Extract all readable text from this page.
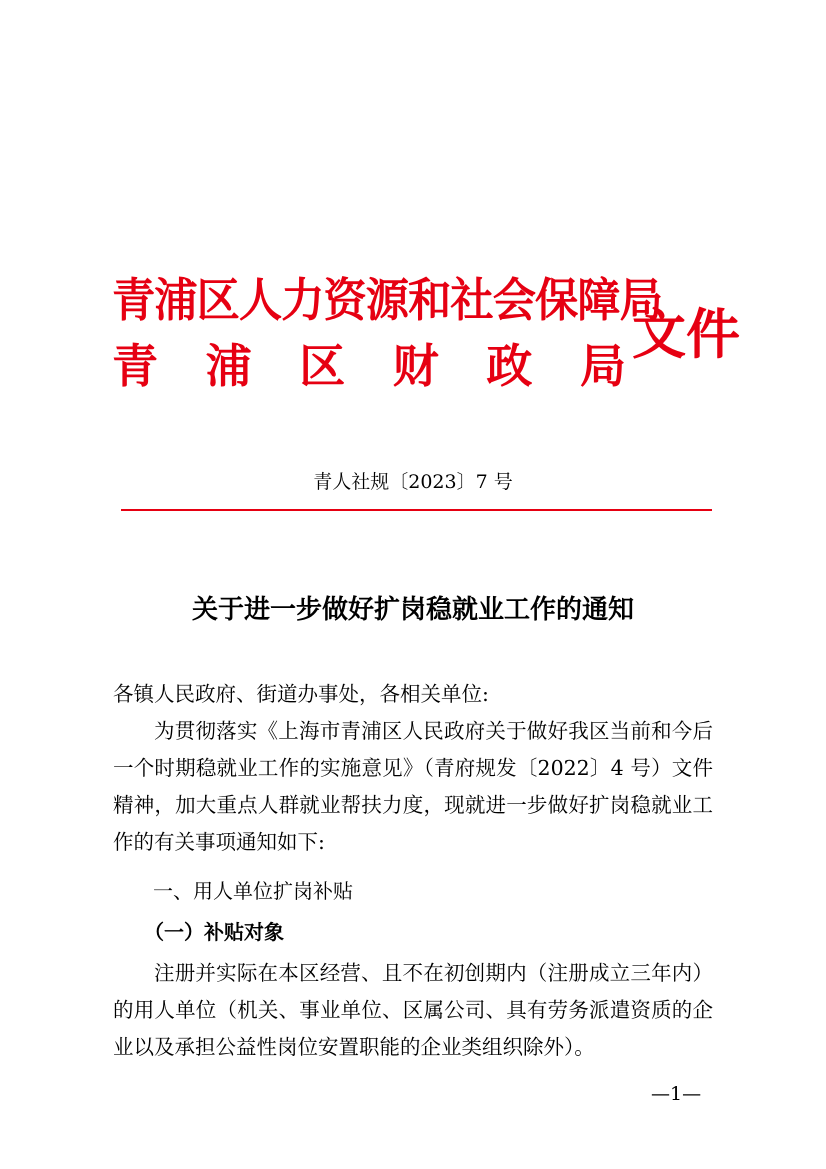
青浦区人力资源和社会保障局
青 浦 区 财 政 局 文件
青人社规〔2023〕7 号
关于进一步做好扩岗稳就业工作的通知
各镇人民政府、街道办事处，各相关单位:
为贯彻落实《上海市青浦区人民政府关于做好我区当前和今后一个时期稳就业工作的实施意见》（青府规发〔2022〕4 号）文件精神，加大重点人群就业帮扶力度，现就进一步做好扩岗稳就业工作的有关事项通知如下:
一、用人单位扩岗补贴
（一）补贴对象
注册并实际在本区经营、且不在初创期内（注册成立三年内）的用人单位（机关、事业单位、区属公司、具有劳务派遣资质的企业以及承担公益性岗位安置职能的企业类组织除外）。
—1—
